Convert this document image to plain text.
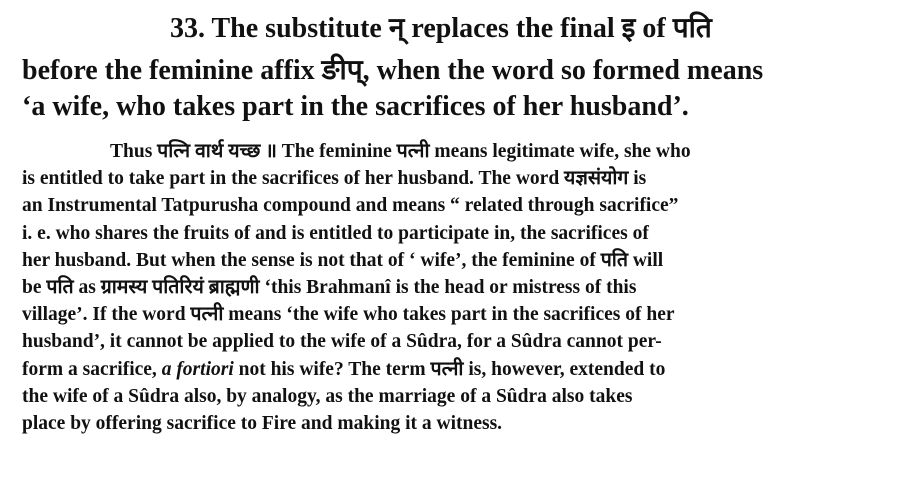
33. The substitute न् replaces the final इ of पति
before the feminine affix ङीप्, when the word so formed means
‘a wife, who takes part in the sacrifices of her husband’.
Thus पत्नि वार्थ यच्छ ॥ The feminine पत्नी means legitimate wife, she who
is entitled to take part in the sacrifices of her husband. The word यज्ञसंयोग is
an Instrumental Tatpurusha compound and means “ related through sacrifice”
i. e. who shares the fruits of and is entitled to participate in, the sacrifices of
her husband. But when the sense is not that of ‘ wife’, the feminine of पति will
be पति as ग्रामस्य पतिरियं ब्राह्मणी ‘this Brahmanî is the head or mistress of this
village’. If the word पत्नी means ‘the wife who takes part in the sacrifices of her
husband’, it cannot be applied to the wife of a Sûdra, for a Sûdra cannot per-
form a sacrifice, a fortiori not his wife? The term पत्नी is, however, extended to
the wife of a Sûdra also, by analogy, as the marriage of a Sûdra also takes
place by offering sacrifice to Fire and making it a witness.
